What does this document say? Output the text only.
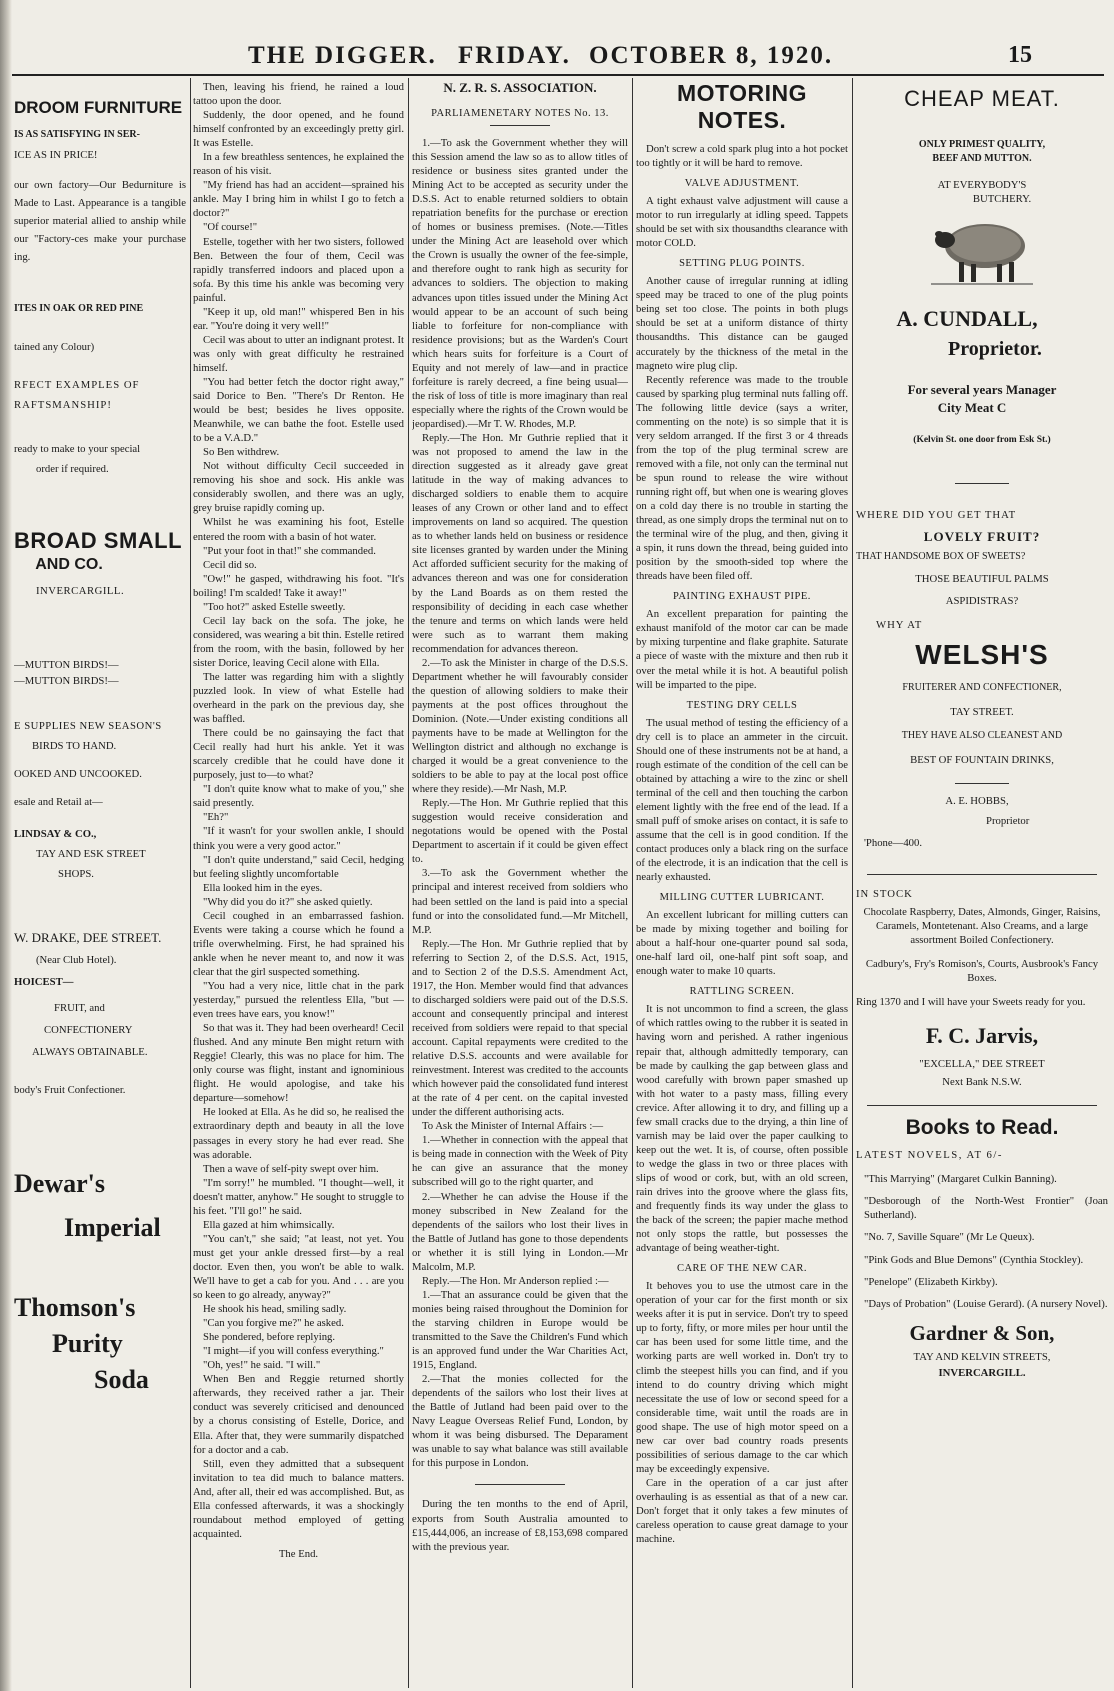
THE DIGGER. FRIDAY. OCTOBER 8, 1920.	15
DROOM FURNITURE
IS AS SATISFYING IN SER-
ICE AS IN PRICE!
our own factory—Our Bedurniture is Made to Last. Appearance is a tangible superior material allied to anship while our "Factory-ces make your purchase ing.
ITES IN OAK OR RED PINE
tained any Colour)
RFECT EXAMPLES OF
RAFTSMANSHIP!
ready to make to your special
order if required.
BROAD SMALL
AND CO.
INVERCARGILL.
—MUTTON BIRDS!—
—MUTTON BIRDS!—
E SUPPLIES NEW SEASON'S
BIRDS TO HAND.
OOKED AND UNCOOKED.
esale and Retail at—
LINDSAY & CO.,
TAY AND ESK STREET
SHOPS.
W. DRAKE, DEE STREET.
(Near Club Hotel).
HOICEST—
FRUIT, and
CONFECTIONERY
ALWAYS OBTAINABLE.
body's Fruit Confectioner.
Dewar's
Imperial
Thomson's
Purity
Soda
Then, leaving his friend, he rained a loud tattoo upon the door.
Suddenly, the door opened, and he found himself confronted by an exceedingly pretty girl. It was Estelle.
In a few breathless sentences, he explained the reason of his visit.
"My friend has had an accident—sprained his ankle. May I bring him in whilst I go to fetch a doctor?"
"Of course!"
Estelle, together with her two sisters, followed Ben. Between the four of them, Cecil was rapidly transferred indoors and placed upon a sofa. By this time his ankle was becoming very painful.
"Keep it up, old man!" whispered Ben in his ear. "You're doing it very well!"
Cecil was about to utter an indignant protest. It was only with great difficulty he restrained himself.
"You had better fetch the doctor right away," said Dorice to Ben. "There's Dr Renton. He would be best; besides he lives opposite. Meanwhile, we can bathe the foot. Estelle used to be a V.A.D."
So Ben withdrew.
Not without difficulty Cecil succeeded in removing his shoe and sock. His ankle was considerably swollen, and there was an ugly, grey bruise rapidly coming up.
Whilst he was examining his foot, Estelle entered the room with a basin of hot water.
"Put your foot in that!" she commanded.
Cecil did so.
"Ow!" he gasped, withdrawing his foot. "It's boiling! I'm scalded! Take it away!"
"Too hot?" asked Estelle sweetly.
Cecil lay back on the sofa. The joke, he considered, was wearing a bit thin. Estelle retired from the room, with the basin, followed by her sister Dorice, leaving Cecil alone with Ella.
The latter was regarding him with a slightly puzzled look. In view of what Estelle had overheard in the park on the previous day, she was baffled.
There could be no gainsaying the fact that Cecil really had hurt his ankle. Yet it was scarcely credible that he could have done it purposely, just to—to what?
"I don't quite know what to make of you," she said presently.
"Eh?"
"If it wasn't for your swollen ankle, I should think you were a very good actor."
"I don't quite understand," said Cecil, hedging but feeling slightly uncomfortable
Ella looked him in the eyes.
"Why did you do it?" she asked quietly.
Cecil coughed in an embarrassed fashion. Events were taking a course which he found a trifle overwhelming. First, he had sprained his ankle when he never meant to, and now it was clear that the girl suspected something.
"You had a very nice, little chat in the park yesterday," pursued the relentless Ella, "but —even trees have ears, you know!"
So that was it. They had been overheard! Cecil flushed. And any minute Ben might return with Reggie! Clearly, this was no place for him. The only course was flight, instant and ignominious flight. He would apologise, and take his departure—somehow!
He looked at Ella. As he did so, he realised the extraordinary depth and beauty in all the love passages in every story he had ever read. She was adorable.
Then a wave of self-pity swept over him.
"I'm sorry!" he mumbled. "I thought—well, it doesn't matter, anyhow." He sought to struggle to his feet. "I'll go!" he said.
Ella gazed at him whimsically.
"You can't," she said; "at least, not yet. You must get your ankle dressed first—by a real doctor. Even then, you won't be able to walk. We'll have to get a cab for you. And . . . are you so keen to go already, anyway?"
He shook his head, smiling sadly.
"Can you forgive me?" he asked.
She pondered, before replying.
"I might—if you will confess everything."
"Oh, yes!" he said. "I will."
When Ben and Reggie returned shortly afterwards, they received rather a jar. Their conduct was severely criticised and denounced by a chorus consisting of Estelle, Dorice, and Ella. After that, they were summarily dispatched for a doctor and a cab.
Still, even they admitted that a subsequent invitation to tea did much to balance matters. And, after all, their ed was accomplished. But, as Ella confessed afterwards, it was a shockingly roundabout method employed of getting acquainted.
The End.
N. Z. R. S. ASSOCIATION.
PARLIAMENETARY NOTES No. 13.
1.—To ask the Government whether they will this Session amend the law so as to allow titles of residence or business sites granted under the Mining Act to be accepted as security under the D.S.S. Act to enable returned soldiers to obtain repatriation benefits for the purchase or erection of homes or business premises. (Note.—Titles under the Mining Act are leasehold over which the Crown is usually the owner of the fee-simple, and therefore ought to rank high as security for advances to soldiers. The objection to making advances upon titles issued under the Mining Act would appear to be an account of such being liable to forfeiture for non-compliance with residence provisions; but as the Warden's Court which hears suits for forfeiture is a Court of Equity and not merely of law—and in practice forfeiture is rarely decreed, a fine being usual—the risk of loss of title is more imaginary than real especially where the rights of the Crown would be jeopardised).—Mr T. W. Rhodes, M.P.
Reply.—The Hon. Mr Guthrie replied that it was not proposed to amend the law in the direction suggested as it already gave great latitude in the way of making advances to discharged soldiers to enable them to acquire leases of any Crown or other land and to effect improvements on land so acquired. The question as to whether lands held on business or residence site licenses granted by warden under the Mining Act afforded sufficient security for the making of advances thereon and was one for consideration by the Land Boards as on them rested the responsibility of deciding in each case whether the tenure and terms on which lands were held were such as to warrant them making recommendation for advances thereon.
2.—To ask the Minister in charge of the D.S.S. Department whether he will favourably consider the question of allowing soldiers to make their payments at the post offices throughout the Dominion. (Note.—Under existing conditions all payments have to be made at Wellington for the Wellington district and although no exchange is charged it would be a great convenience to the soldiers to be able to pay at the local post office where they reside).—Mr Nash, M.P.
Reply.—The Hon. Mr Guthrie replied that this suggestion would receive consideration and negotations would be opened with the Postal Department to ascertain if it could be given effect to.
3.—To ask the Government whether the principal and interest received from soldiers who had been settled on the land is paid into a special fund or into the consolidated fund.—Mr Mitchell, M.P.
Reply.—The Hon. Mr Guthrie replied that by referring to Section 2, of the D.S.S. Act, 1915, and to Section 2 of the D.S.S. Amendment Act, 1917, the Hon. Member would find that advances to discharged soldiers were paid out of the D.S.S. account and consequently principal and interest received from soldiers were repaid to that special account. Capital repayments were credited to the relative D.S.S. accounts and were available for reinvestment. Interest was credited to the accounts which however paid the consolidated fund interest at the rate of 4 per cent. on the capital invested under the different authorising acts.
To Ask the Minister of Internal Affairs :—
1.—Whether in connection with the appeal that is being made in connection with the Week of Pity he can give an assurance that the money subscribed will go to the right quarter, and
2.—Whether he can advise the House if the money subscribed in New Zealand for the dependents of the sailors who lost their lives in the Battle of Jutland has gone to those dependents or whether it is still lying in London.—Mr Malcolm, M.P.
Reply.—The Hon. Mr Anderson replied :—
1.—That an assurance could be given that the monies being raised throughout the Dominion for the starving children in Europe would be transmitted to the Save the Children's Fund which is an approved fund under the War Charities Act, 1915, England.
2.—That the monies collected for the dependents of the sailors who lost their lives at the Battle of Jutland had been paid over to the Navy League Overseas Relief Fund, London, by whom it was being disbursed. The Deparament was unable to say what balance was still available for this purpose in London.
During the ten months to the end of April, exports from South Australia amounted to £15,444,006, an increase of £8,153,698 compared with the previous year.
MOTORING NOTES.
Don't screw a cold spark plug into a hot pocket too tightly or it will be hard to remove.
VALVE ADJUSTMENT.
A tight exhaust valve adjustment will cause a motor to run irregularly at idling speed. Tappets should be set with six thousandths clearance with motor COLD.
SETTING PLUG POINTS.
Another cause of irregular running at idling speed may be traced to one of the plug points being set too close. The points in both plugs should be set at a uniform distance of thirty thousandths. This distance can be gauged accurately by the thickness of the metal in the magneto wire plug clip.
Recently reference was made to the trouble caused by sparking plug terminal nuts falling off. The following little device (says a writer, commenting on the note) is so simple that it is very seldom arranged. If the first 3 or 4 threads from the top of the plug terminal screw are removed with a file, not only can the terminal nut be spun round to release the wire without running right off, but when one is wearing gloves on a cold day there is no trouble in starting the thread, as one simply drops the terminal nut on to the terminal wire of the plug, and then, giving it a spin, it runs down the thread, being guided into position by the smooth-sided top where the threads have been filed off.
PAINTING EXHAUST PIPE.
An excellent preparation for painting the exhaust manifold of the motor car can be made by mixing turpentine and flake graphite. Saturate a piece of waste with the mixture and then rub it over the metal while it is hot. A beautiful polish will be imparted to the pipe.
TESTING DRY CELLS
The usual method of testing the efficiency of a dry cell is to place an ammeter in the circuit. Should one of these instruments not be at hand, a rough estimate of the condition of the cell can be obtained by attaching a wire to the zinc or shell terminal of the cell and then touching the carbon element lightly with the free end of the lead. If a small puff of smoke arises on contact, it is safe to assume that the cell is in good condition. If the contact produces only a black ring on the surface of the electrode, it is an indication that the cell is nearly exhausted.
MILLING CUTTER LUBRICANT.
An excellent lubricant for milling cutters can be made by mixing together and boiling for about a half-hour one-quarter pound sal soda, one-half lard oil, one-half pint soft soap, and enough water to make 10 quarts.
RATTLING SCREEN.
It is not uncommon to find a screen, the glass of which rattles owing to the rubber it is seated in having worn and perished. A rather ingenious repair that, although admittedly temporary, can be made by caulking the gap between glass and wood carefully with brown paper smashed up with hot water to a pasty mass, filling every crevice. After allowing it to dry, and filling up a few small cracks due to the drying, a thin line of varnish may be laid over the paper caulking to keep out the wet. It is, of course, often possible to wedge the glass in two or three places with slips of wood or cork, but, with an old screen, rain drives into the groove where the glass fits, and frequently finds its way under the glass to the back of the screen; the papier mache method not only stops the rattle, but possesses the advantage of being weather-tight.
CARE OF THE NEW CAR.
It behoves you to use the utmost care in the operation of your car for the first month or six weeks after it is put in service. Don't try to speed up to forty, fifty, or more miles per hour until the car has been used for some little time, and the working parts are well worked in. Don't try to climb the steepest hills you can find, and if you intend to do country driving which might necessitate the use of low or second speed for a considerable time, wait until the roads are in good shape. The use of high motor speed on a new car over bad country roads presents possibilities of serious damage to the car which may be exceedingly expensive.
Care in the operation of a car just after overhauling is as essential as that of a new car. Don't forget that it only takes a few minutes of careless operation to cause great damage to your machine.
CHEAP MEAT.
ONLY PRIMEST QUALITY,
BEEF AND MUTTON.
AT EVERYBODY'S
BUTCHERY.
A. CUNDALL,
Proprietor.
For several years Manager
City Meat C
(Kelvin St. one door from Esk St.)
WHERE DID YOU GET THAT
LOVELY FRUIT?
THAT HANDSOME BOX OF SWEETS?
THOSE BEAUTIFUL PALMS
ASPIDISTRAS?
WHY AT
WELSH'S
FRUITERER AND CONFECTIONER,
TAY STREET.
THEY HAVE ALSO CLEANEST AND
BEST OF FOUNTAIN DRINKS,
A. E. HOBBS,
Proprietor
'Phone—400.
IN STOCK
Chocolate Raspberry, Dates, Almonds, Ginger, Raisins, Caramels, Montetenant. Also Creams, and a large assortment Boiled Confectionery.
Cadbury's, Fry's Romison's, Courts, Ausbrook's Fancy Boxes.
Ring 1370 and I will have your Sweets ready for you.
F. C. Jarvis,
"EXCELLA," DEE STREET
Next Bank N.S.W.
Books to Read.
LATEST NOVELS, AT 6/-
"This Marrying" (Margaret Culkin Banning).
"Desborough of the North-West Frontier" (Joan Sutherland).
"No. 7, Saville Square" (Mr Le Queux).
"Pink Gods and Blue Demons" (Cynthia Stockley).
"Penelope" (Elizabeth Kirkby).
"Days of Probation" (Louise Gerard). (A nursery Novel).
Gardner & Son,
TAY AND KELVIN STREETS,
INVERCARGILL.
